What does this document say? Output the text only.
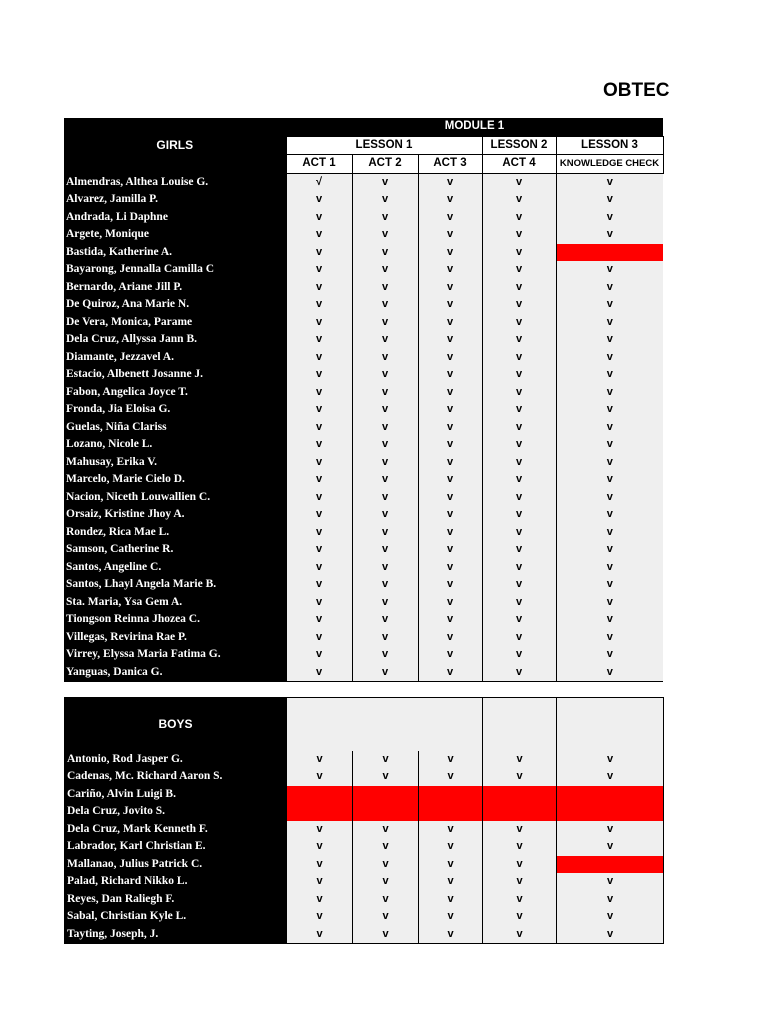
OBTEC
GIRLS	MODULE 1				
	LESSON 1			LESSON 2	LESSON 3
	ACT 1	ACT 2	ACT 3	ACT 4	KNOWLEDGE CHECK
Almendras, Althea Louise G.	√	v	v	v	v
Alvarez, Jamilla P.	v	v	v	v	v
Andrada, Li Daphne	v	v	v	v	v
Argete, Monique	v	v	v	v	v
Bastida, Katherine A.	v	v	v	v	
Bayarong, Jennalla Camilla C	v	v	v	v	v
Bernardo, Ariane Jill P.	v	v	v	v	v
De Quiroz, Ana Marie N.	v	v	v	v	v
De Vera, Monica, Parame	v	v	v	v	v
Dela Cruz, Allyssa Jann B.	v	v	v	v	v
Diamante, Jezzavel A.	v	v	v	v	v
Estacio, Albenett Josanne J.	v	v	v	v	v
Fabon, Angelica Joyce T.	v	v	v	v	v
Fronda, Jia Eloisa G.	v	v	v	v	v
Guelas, Niña Clariss	v	v	v	v	v
Lozano, Nicole L.	v	v	v	v	v
Mahusay, Erika V.	v	v	v	v	v
Marcelo, Marie Cielo D.	v	v	v	v	v
Nacion, Niceth Louwallien C.	v	v	v	v	v
Orsaiz, Kristine Jhoy A.	v	v	v	v	v
Rondez, Rica Mae L.	v	v	v	v	v
Samson, Catherine R.	v	v	v	v	v
Santos, Angeline C.	v	v	v	v	v
Santos, Lhayl Angela Marie B.	v	v	v	v	v
Sta. Maria, Ysa Gem A.	v	v	v	v	v
Tiongson Reinna Jhozea C.	v	v	v	v	v
Villegas, Revirina Rae P.	v	v	v	v	v
Virrey, Elyssa Maria Fatima G.	v	v	v	v	v
Yanguas, Danica G.	v	v	v	v	v
BOYS					

Antonio, Rod Jasper G.	v	v	v	v	v
Cadenas, Mc. Richard Aaron S.	v	v	v	v	v
Cariño, Alvin Luigi B.					
Dela Cruz, Jovito S.					
Dela Cruz, Mark Kenneth F.	v	v	v	v	v
Labrador, Karl Christian E.	v	v	v	v	v
Mallanao, Julius Patrick C.	v	v	v	v	
Palad, Richard Nikko L.	v	v	v	v	v
Reyes, Dan Raliegh F.	v	v	v	v	v
Sabal, Christian Kyle L.	v	v	v	v	v
Tayting, Joseph, J.	v	v	v	v	v
